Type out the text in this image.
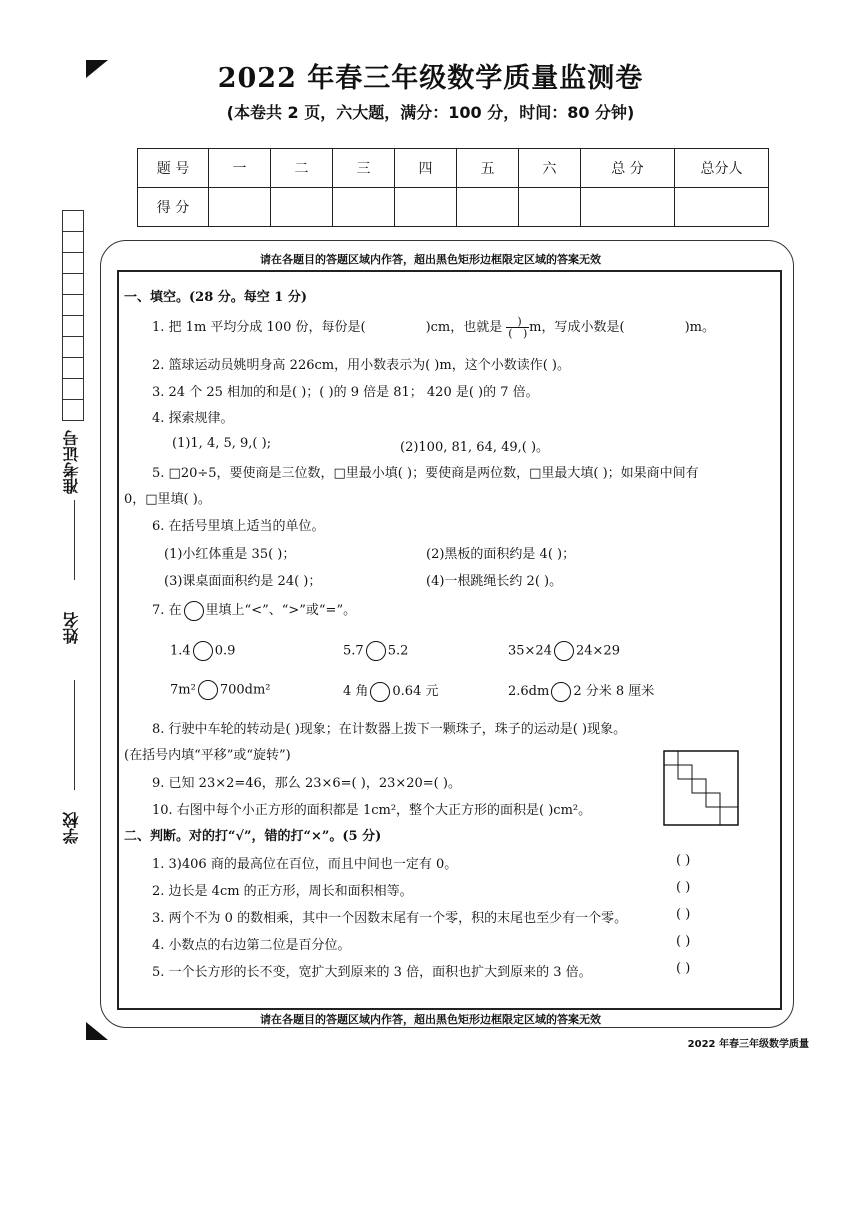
2022 年春三年级数学质量监测卷
(本卷共 2 页，六大题，满分：100 分，时间：80 分钟)
题 号	一	二	三	四	五	六	总 分	总分人
得 分								
准考证号
姓名
学校
请在各题目的答题区域内作答，超出黑色矩形边框限定区域的答案无效
请在各题目的答题区域内作答，超出黑色矩形边框限定区域的答案无效
一、填空。(28 分。每空 1 分)
1. 把 1m 平均分成 100 份，每份是(	)cm，也就是 $\frac{)}{( )}$ m，写成小数是(	)m。
2. 篮球运动员姚明身高 226cm，用小数表示为( )m，这个小数读作( )。
3. 24 个 25 相加的和是( )；( )的 9 倍是 81； 420 是( )的 7 倍。
4. 探索规律。
(1)1, 4, 5, 9,( );	(2)100, 81, 64, 49,( )。
5. □20÷5，要使商是三位数，□里最小填( )；要使商是两位数，□里最大填( )；如果商中间有
0，□里填( )。
6. 在括号里填上适当的单位。
(1)小红体重是 35( )；	(2)黑板的面积约是 4( )；
(3)课桌面面积约是 24( )；	(4)一根跳绳长约 2( )。
7. 在 里填上“<”、“>”或“=”。
1.4 0.9	5.7 5.2	35×24 24×29
7m² 700dm²	4 角 0.64 元	2.6dm 2 分米 8 厘米
8. 行驶中车轮的转动是( )现象；在计数器上拨下一颗珠子，珠子的运动是( )现象。
(在括号内填“平移”或“旋转”)
9. 已知 23×2=46，那么 23×6=( )，23×20=( )。
10. 右图中每个小正方形的面积都是 1cm²，整个大正方形的面积是( )cm²。
二、判断。对的打“√”，错的打“×”。(5 分)
1. 3)406 商的最高位在百位，而且中间也一定有 0。	( )
2. 边长是 4cm 的正方形，周长和面积相等。	( )
3. 两个不为 0 的数相乘，其中一个因数末尾有一个零，积的末尾也至少有一个零。	( )
4. 小数点的右边第二位是百分位。	( )
5. 一个长方形的长不变，宽扩大到原来的 3 倍，面积也扩大到原来的 3 倍。	( )
2022 年春三年级数学质量
